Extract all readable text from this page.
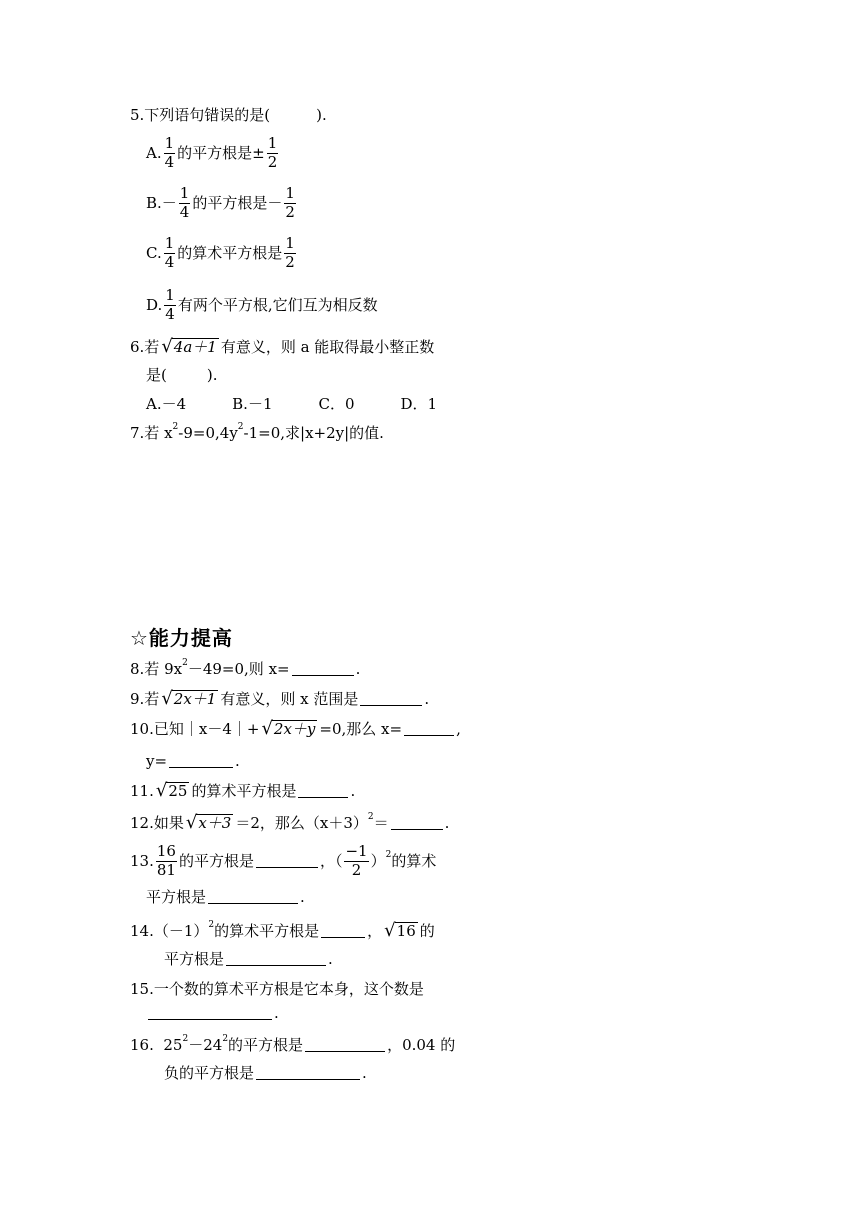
5.下列语句错误的是(	).
A. $\frac{1}{4}$ 的平方根是± $\frac{1}{2}$
$B.- \frac{1}{4}$ 的平方根是－ $\frac{1}{2}$
C. $\frac{1}{4}$ 的算术平方根是 $\frac{1}{2}$
D. $\frac{1}{4}$ 有两个平方根,它们互为相反数
6.若 √ 4a＋1 有意义，则 a 能取得最小整正数
是(	).
A.－4	B.－1	C．0	D．1
7.若 x 2 -9=0,4y 2 -1=0,求|x+2y|的值.
☆能力提高
8.若 9x 2 －49=0,则 x=	.
9.若 √ 2x＋1 有意义，则 x 范围是	.
10.已知｜x－4｜+ √ 2x＋y =0,那么 x=	,
y=	.
11. √ 25 的算术平方根是	.
12.如果 √ x＋3 ＝2，那么（x＋3） 2 ＝	.
13. $\frac{16}{81}$ 的平方根是	，（ $\frac{-1}{2}$ ） 2 的算术
平方根是	.
14.（－1） 2 的算术平方根是	， √ 16 的
平方根是	.
15.一个数的算术平方根是它本身，这个数是
.
16.  25 2 －24 2 的平方根是	，0.04 的
负的平方根是	.
